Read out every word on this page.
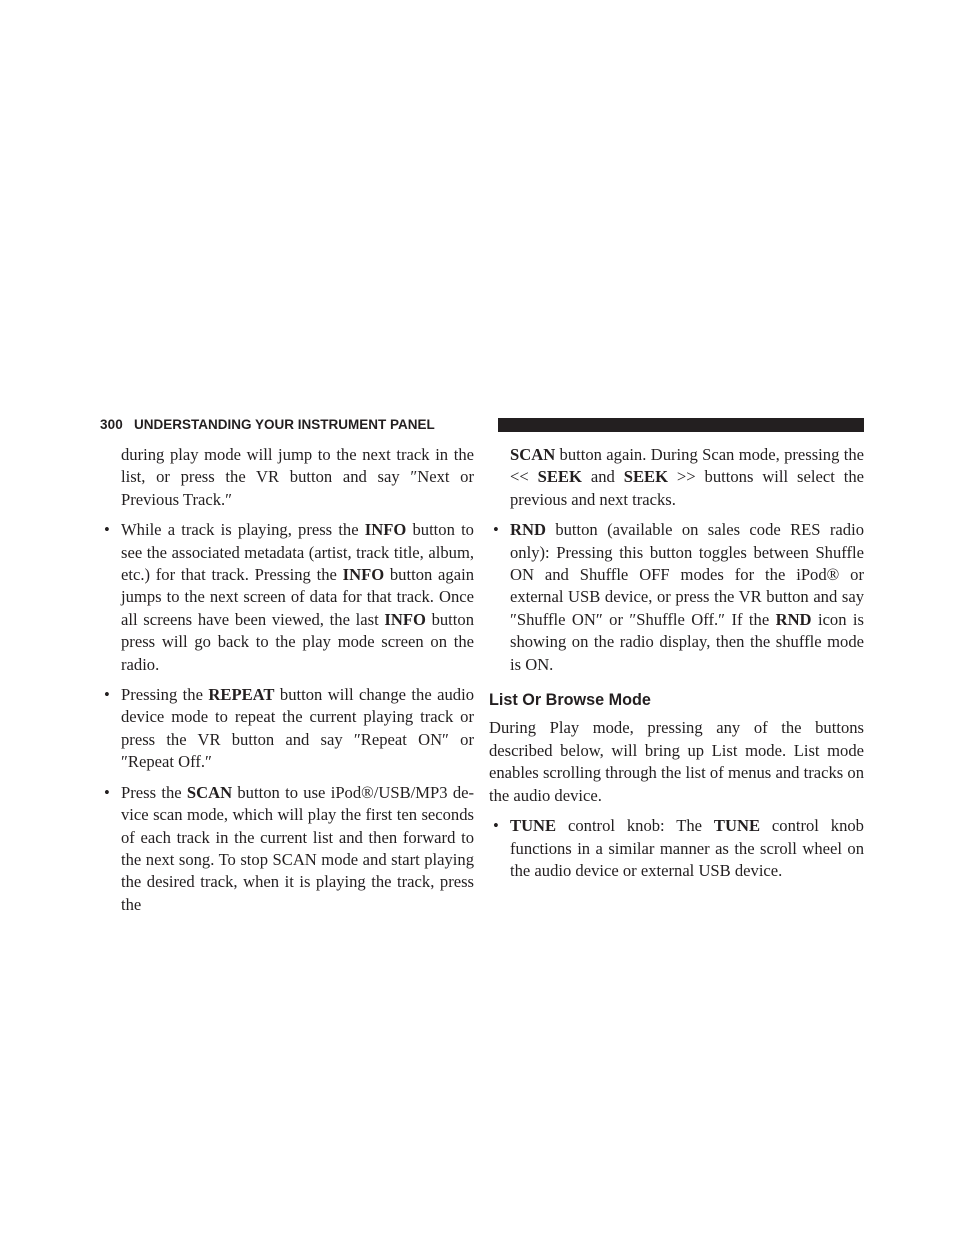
300 UNDERSTANDING YOUR INSTRUMENT PANEL

during play mode will jump to the next track in the list, or press the VR button and say ″Next or Previous Track.″

• While a track is playing, press the INFO button to see the associated metadata (artist, track title, album, etc.) for that track. Pressing the INFO button again jumps to the next screen of data for that track. Once all screens have been viewed, the last INFO button press will go back to the play mode screen on the radio.

• Pressing the REPEAT button will change the audio device mode to repeat the current playing track or press the VR button and say ″Repeat ON″ or ″Repeat Off.″

• Press the SCAN button to use iPod®/USB/MP3 de-vice scan mode, which will play the first ten seconds of each track in the current list and then forward to the next song. To stop SCAN mode and start playing the desired track, when it is playing the track, press the

SCAN button again. During Scan mode, pressing the << SEEK and SEEK >> buttons will select the previous and next tracks.

• RND button (available on sales code RES radio only): Pressing this button toggles between Shuffle ON and Shuffle OFF modes for the iPod® or external USB device, or press the VR button and say ″Shuffle ON″ or ″Shuffle Off.″ If the RND icon is showing on the radio display, then the shuffle mode is ON.

List Or Browse Mode

During Play mode, pressing any of the buttons described below, will bring up List mode. List mode enables scrolling through the list of menus and tracks on the audio device.

• TUNE control knob: The TUNE control knob functions in a similar manner as the scroll wheel on the audio device or external USB device.
